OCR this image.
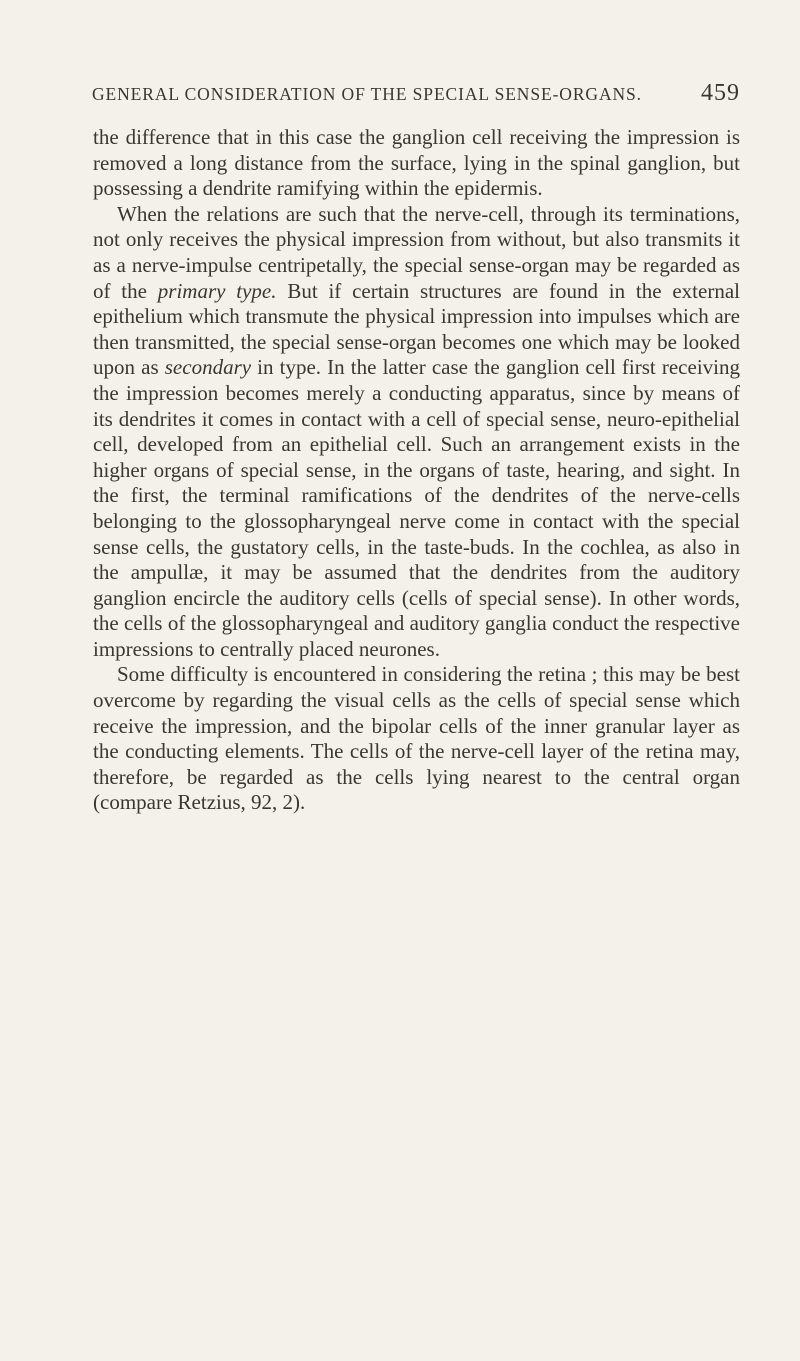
GENERAL CONSIDERATION OF THE SPECIAL SENSE-ORGANS. 459

the difference that in this case the ganglion cell receiving the impression is removed a long distance from the surface, lying in the spinal ganglion, but possessing a dendrite ramifying within the epidermis.

When the relations are such that the nerve-cell, through its terminations, not only receives the physical impression from without, but also transmits it as a nerve-impulse centripetally, the special sense-organ may be regarded as of the primary type. But if certain structures are found in the external epithelium which transmute the physical impression into impulses which are then transmitted, the special sense-organ becomes one which may be looked upon as secondary in type. In the latter case the ganglion cell first receiving the impression becomes merely a conducting apparatus, since by means of its dendrites it comes in contact with a cell of special sense, neuro-epithelial cell, developed from an epithelial cell. Such an arrangement exists in the higher organs of special sense, in the organs of taste, hearing, and sight. In the first, the terminal ramifications of the dendrites of the nerve-cells belonging to the glossopharyngeal nerve come in contact with the special sense cells, the gustatory cells, in the taste-buds. In the cochlea, as also in the ampullæ, it may be assumed that the dendrites from the auditory ganglion encircle the auditory cells (cells of special sense). In other words, the cells of the glossopharyngeal and auditory ganglia conduct the respective impressions to centrally placed neurones.

Some difficulty is encountered in considering the retina ; this may be best overcome by regarding the visual cells as the cells of special sense which receive the impression, and the bipolar cells of the inner granular layer as the conducting elements. The cells of the nerve-cell layer of the retina may, therefore, be regarded as the cells lying nearest to the central organ (compare Retzius, 92, 2).
